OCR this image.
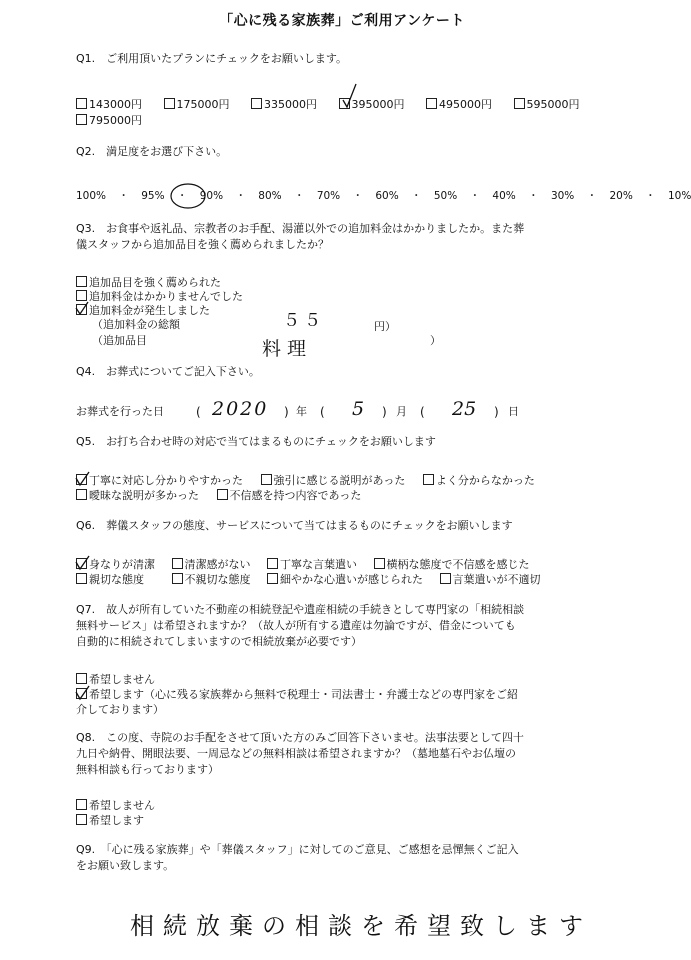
「心に残る家族葬」ご利用アンケート
Q1.　ご利用頂いたプランにチェックをお願いします。
143000円	175000円	335000円	395000円	495000円	595000円
795000円
Q2.　満足度をお選び下さい。
100% ・ 95% ・ 90% ・ 80% ・ 70% ・ 60% ・ 50% ・ 40% ・ 30% ・ 20% ・ 10%
Q3.　お食事や返礼品、宗教者のお手配、湯灌以外での追加料金はかかりましたか。また葬
儀スタッフから追加品目を強く薦められましたか？
追加品目を強く薦められた
追加料金はかかりませんでした
追加料金が発生しました
（追加料金の総額	５５	円）
（追加品目	料理	）
Q4.　お葬式についてご記入下さい。
お葬式を行った日	( 2020 ) 年 ( 5 ) 月 ( 25 ) 日
Q5.　お打ち合わせ時の対応で当てはまるものにチェックをお願いします
丁寧に対応し分かりやすかった	強引に感じる説明があった	よく分からなかった
曖昧な説明が多かった	不信感を持つ内容であった
Q6.　葬儀スタッフの態度、サービスについて当てはまるものにチェックをお願いします
身なりが清潔	清潔感がない	丁寧な言葉遣い	横柄な態度で不信感を感じた
親切な態度	不親切な態度	細やかな心遣いが感じられた	言葉遣いが不適切
Q7.　故人が所有していた不動産の相続登記や遺産相続の手続きとして専門家の「相続相談
無料サービス」は希望されますか？（故人が所有する遺産は勿論ですが、借金についても
自動的に相続されてしまいますので相続放棄が必要です）
希望しません
希望します（心に残る家族葬から無料で税理士・司法書士・弁護士などの専門家をご紹
介しております）
Q8.　この度、寺院のお手配をさせて頂いた方のみご回答下さいませ。法事法要として四十
九日や納骨、開眼法要、一周忌などの無料相談は希望されますか？（墓地墓石やお仏壇の
無料相談も行っております）
希望しません
希望します
Q9.　「心に残る家族葬」や「葬儀スタッフ」に対してのご意見、ご感想を忌憚無くご記入
をお願い致します。
相続放棄の相談を希望致します
